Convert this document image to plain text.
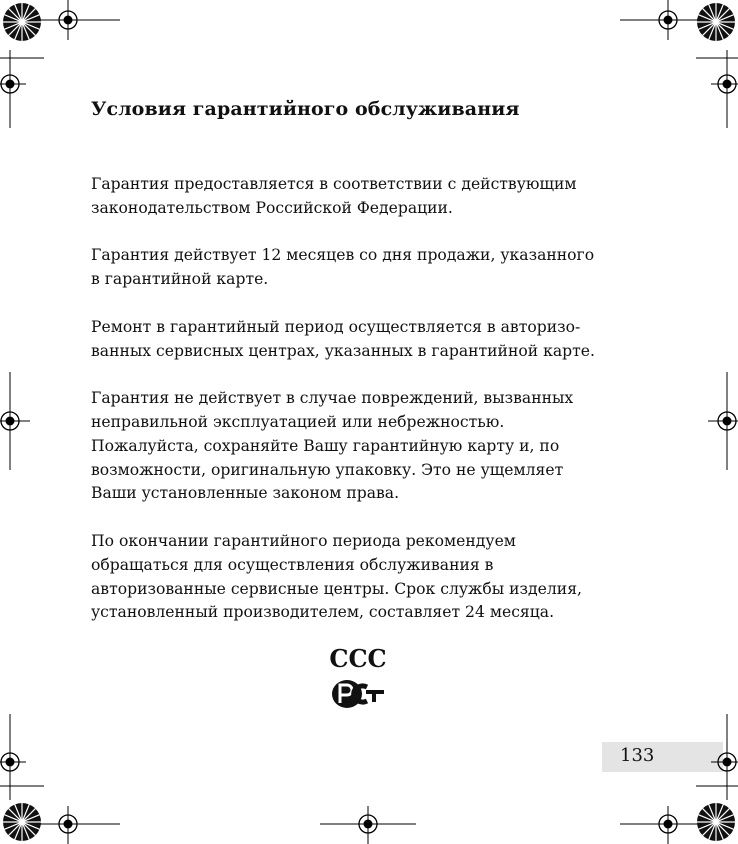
Условия гарантийного обслуживания

Гарантия предоставляется в соответствии с действующим
законодательством Российской Федерации.

Гарантия действует 12 месяцев со дня продажи, указанного
в гарантийной карте.

Ремонт в гарантийный период осуществляется в авторизо-
ванных сервисных центрах, указанных в гарантийной карте.

Гарантия не действует в случае повреждений, вызванных
неправильной эксплуатацией или небрежностью.
Пожалуйста, сохраняйте Вашу гарантийную карту и, по
возможности, оригинальную упаковку. Это не ущемляет
Ваши установленные законом права.

По окончании гарантийного периода рекомендуем
обращаться для осуществления обслуживания в
авторизованные сервисные центры. Срок службы изделия,
установленный производителем, составляет 24 месяца.

CCC
133
